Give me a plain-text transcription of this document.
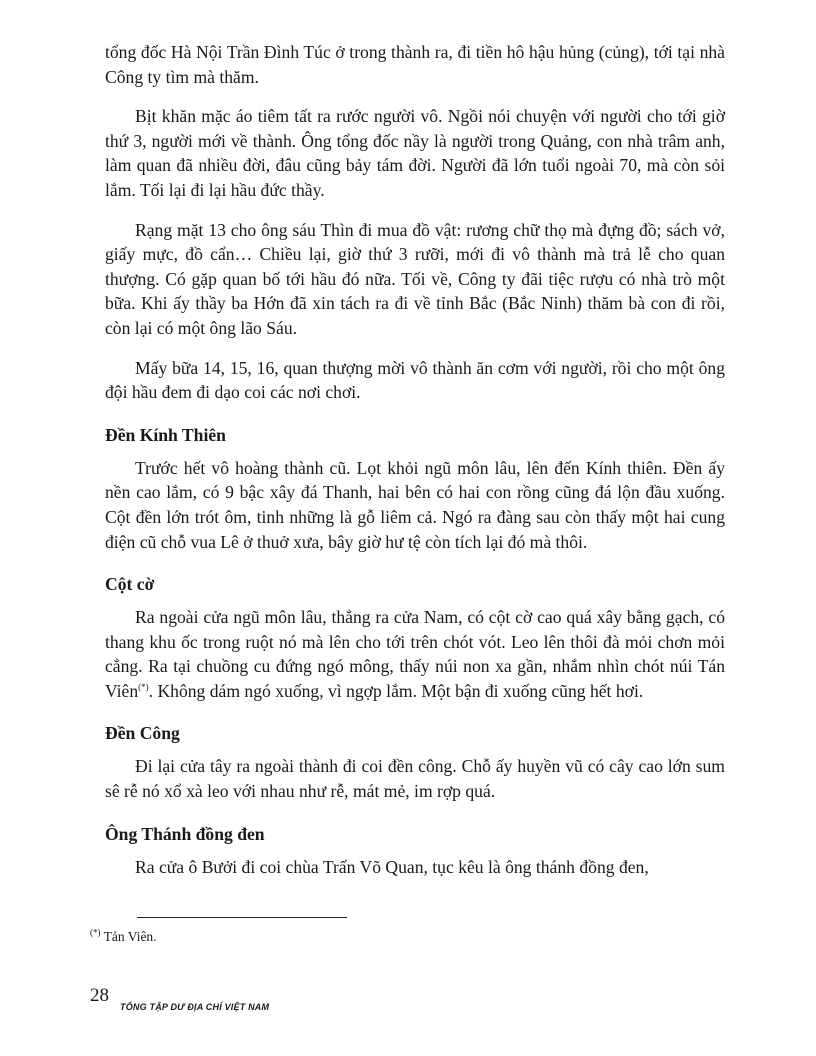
tổng đốc Hà Nội Trần Đình Túc ở trong thành ra, đi tiền hô hậu hủng (củng), tới tại nhà Công ty tìm mà thăm.

Bịt khăn mặc áo tiêm tất ra rước người vô. Ngồi nói chuyện với người cho tới giờ thứ 3, người mới về thành. Ông tổng đốc nầy là người trong Quảng, con nhà trâm anh, làm quan đã nhiều đời, đâu cũng bảy tám đời. Người đã lớn tuổi ngoài 70, mà còn sỏi lắm. Tối lại đi lại hầu đức thầy.

Rạng mặt 13 cho ông sáu Thìn đi mua đồ vật: rương chữ thọ mà đựng đồ; sách vở, giấy mực, đồ cẩn… Chiều lại, giờ thứ 3 rưỡi, mới đi vô thành mà trả lễ cho quan thượng. Có gặp quan bố tới hầu đó nữa. Tối về, Công ty đãi tiệc rượu có nhà trò một bữa. Khi ấy thầy ba Hớn đã xin tách ra đi về tỉnh Bắc (Bắc Ninh) thăm bà con đi rồi, còn lại có một ông lão Sáu.

Mấy bữa 14, 15, 16, quan thượng mời vô thành ăn cơm với người, rồi cho một ông đội hầu đem đi dạo coi các nơi chơi.

Đền Kính Thiên

Trước hết vô hoàng thành cũ. Lọt khỏi ngũ môn lâu, lên đến Kính thiên. Đền ấy nền cao lắm, có 9 bậc xây đá Thanh, hai bên có hai con rồng cũng đá lộn đầu xuống. Cột đền lớn trót ôm, tinh những là gỗ liêm cả. Ngó ra đàng sau còn thấy một hai cung điện cũ chỗ vua Lê ở thuở xưa, bây giờ hư tệ còn tích lại đó mà thôi.

Cột cờ

Ra ngoài cửa ngũ môn lâu, thẳng ra cửa Nam, có cột cờ cao quá xây bằng gạch, có thang khu ốc trong ruột nó mà lên cho tới trên chót vót. Leo lên thôi đà mỏi chơn mỏi cẳng. Ra tại chuồng cu đứng ngó mông, thấy núi non xa gần, nhắm nhìn chót núi Tán Viên(*). Không dám ngó xuống, vì ngợp lắm. Một bận đi xuống cũng hết hơi.

Đền Công

Đi lại cửa tây ra ngoài thành đi coi đền công. Chỗ ấy huyền vũ có cây cao lớn sum sê rễ nó xổ xà leo với nhau như rễ, mát mẻ, im rợp quá.

Ông Thánh đồng đen

Ra cửa ô Bưởi đi coi chùa Trấn Võ Quan, tục kêu là ông thánh đồng đen,

(*) Tản Viên.
28
TỔNG TẬP DƯ ĐỊA CHÍ VIỆT NAM
